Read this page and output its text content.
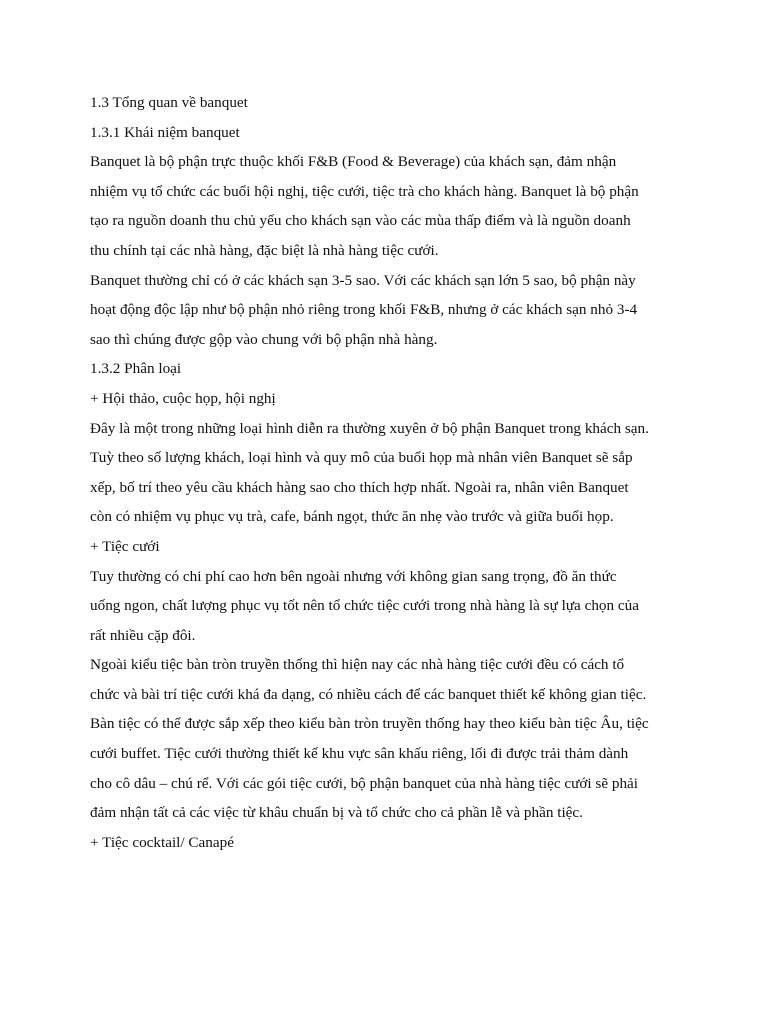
1.3 Tổng quan về banquet

1.3.1 Khái niệm banquet

Banquet là bộ phận trực thuộc khối F&B (Food & Beverage) của khách sạn, đảm nhận nhiệm vụ tổ chức các buổi hội nghị, tiệc cưới, tiệc trà cho khách hàng. Banquet là bộ phận tạo ra nguồn doanh thu chủ yếu cho khách sạn vào các mùa thấp điểm và là nguồn doanh thu chính tại các nhà hàng, đặc biệt là nhà hàng tiệc cưới.

Banquet thường chỉ có ở các khách sạn 3-5 sao. Với các khách sạn lớn 5 sao, bộ phận này hoạt động độc lập như bộ phận nhỏ riêng trong khối F&B, nhưng ở các khách sạn nhỏ 3-4 sao thì chúng được gộp vào chung với bộ phận nhà hàng.

1.3.2 Phân loại

+ Hội thảo, cuộc họp, hội nghị

Đây là một trong những loại hình diễn ra thường xuyên ở bộ phận Banquet trong khách sạn. Tuỳ theo số lượng khách, loại hình và quy mô của buổi họp mà nhân viên Banquet sẽ sắp xếp, bố trí theo yêu cầu khách hàng sao cho thích hợp nhất. Ngoài ra, nhân viên Banquet còn có nhiệm vụ phục vụ trà, cafe, bánh ngọt, thức ăn nhẹ vào trước và giữa buổi họp.

+ Tiệc cưới

Tuy thường có chi phí cao hơn bên ngoài nhưng với không gian sang trọng, đồ ăn thức uống ngon, chất lượng phục vụ tốt nên tổ chức tiệc cưới trong nhà hàng là sự lựa chọn của rất nhiều cặp đôi.

Ngoài kiểu tiệc bàn tròn truyền thống thì hiện nay các nhà hàng tiệc cưới đều có cách tổ chức và bài trí tiệc cưới khá đa dạng, có nhiều cách để các banquet thiết kế không gian tiệc. Bàn tiệc có thể được sắp xếp theo kiểu bàn tròn truyền thống hay theo kiểu bàn tiệc Âu, tiệc cưới buffet. Tiệc cưới thường thiết kế khu vực sân khấu riêng, lối đi được trải thảm dành cho cô dâu – chú rể. Với các gói tiệc cưới, bộ phận banquet của nhà hàng tiệc cưới sẽ phải đảm nhận tất cả các việc từ khâu chuẩn bị và tổ chức cho cả phần lễ và phần tiệc.

+ Tiệc cocktail/ Canapé
